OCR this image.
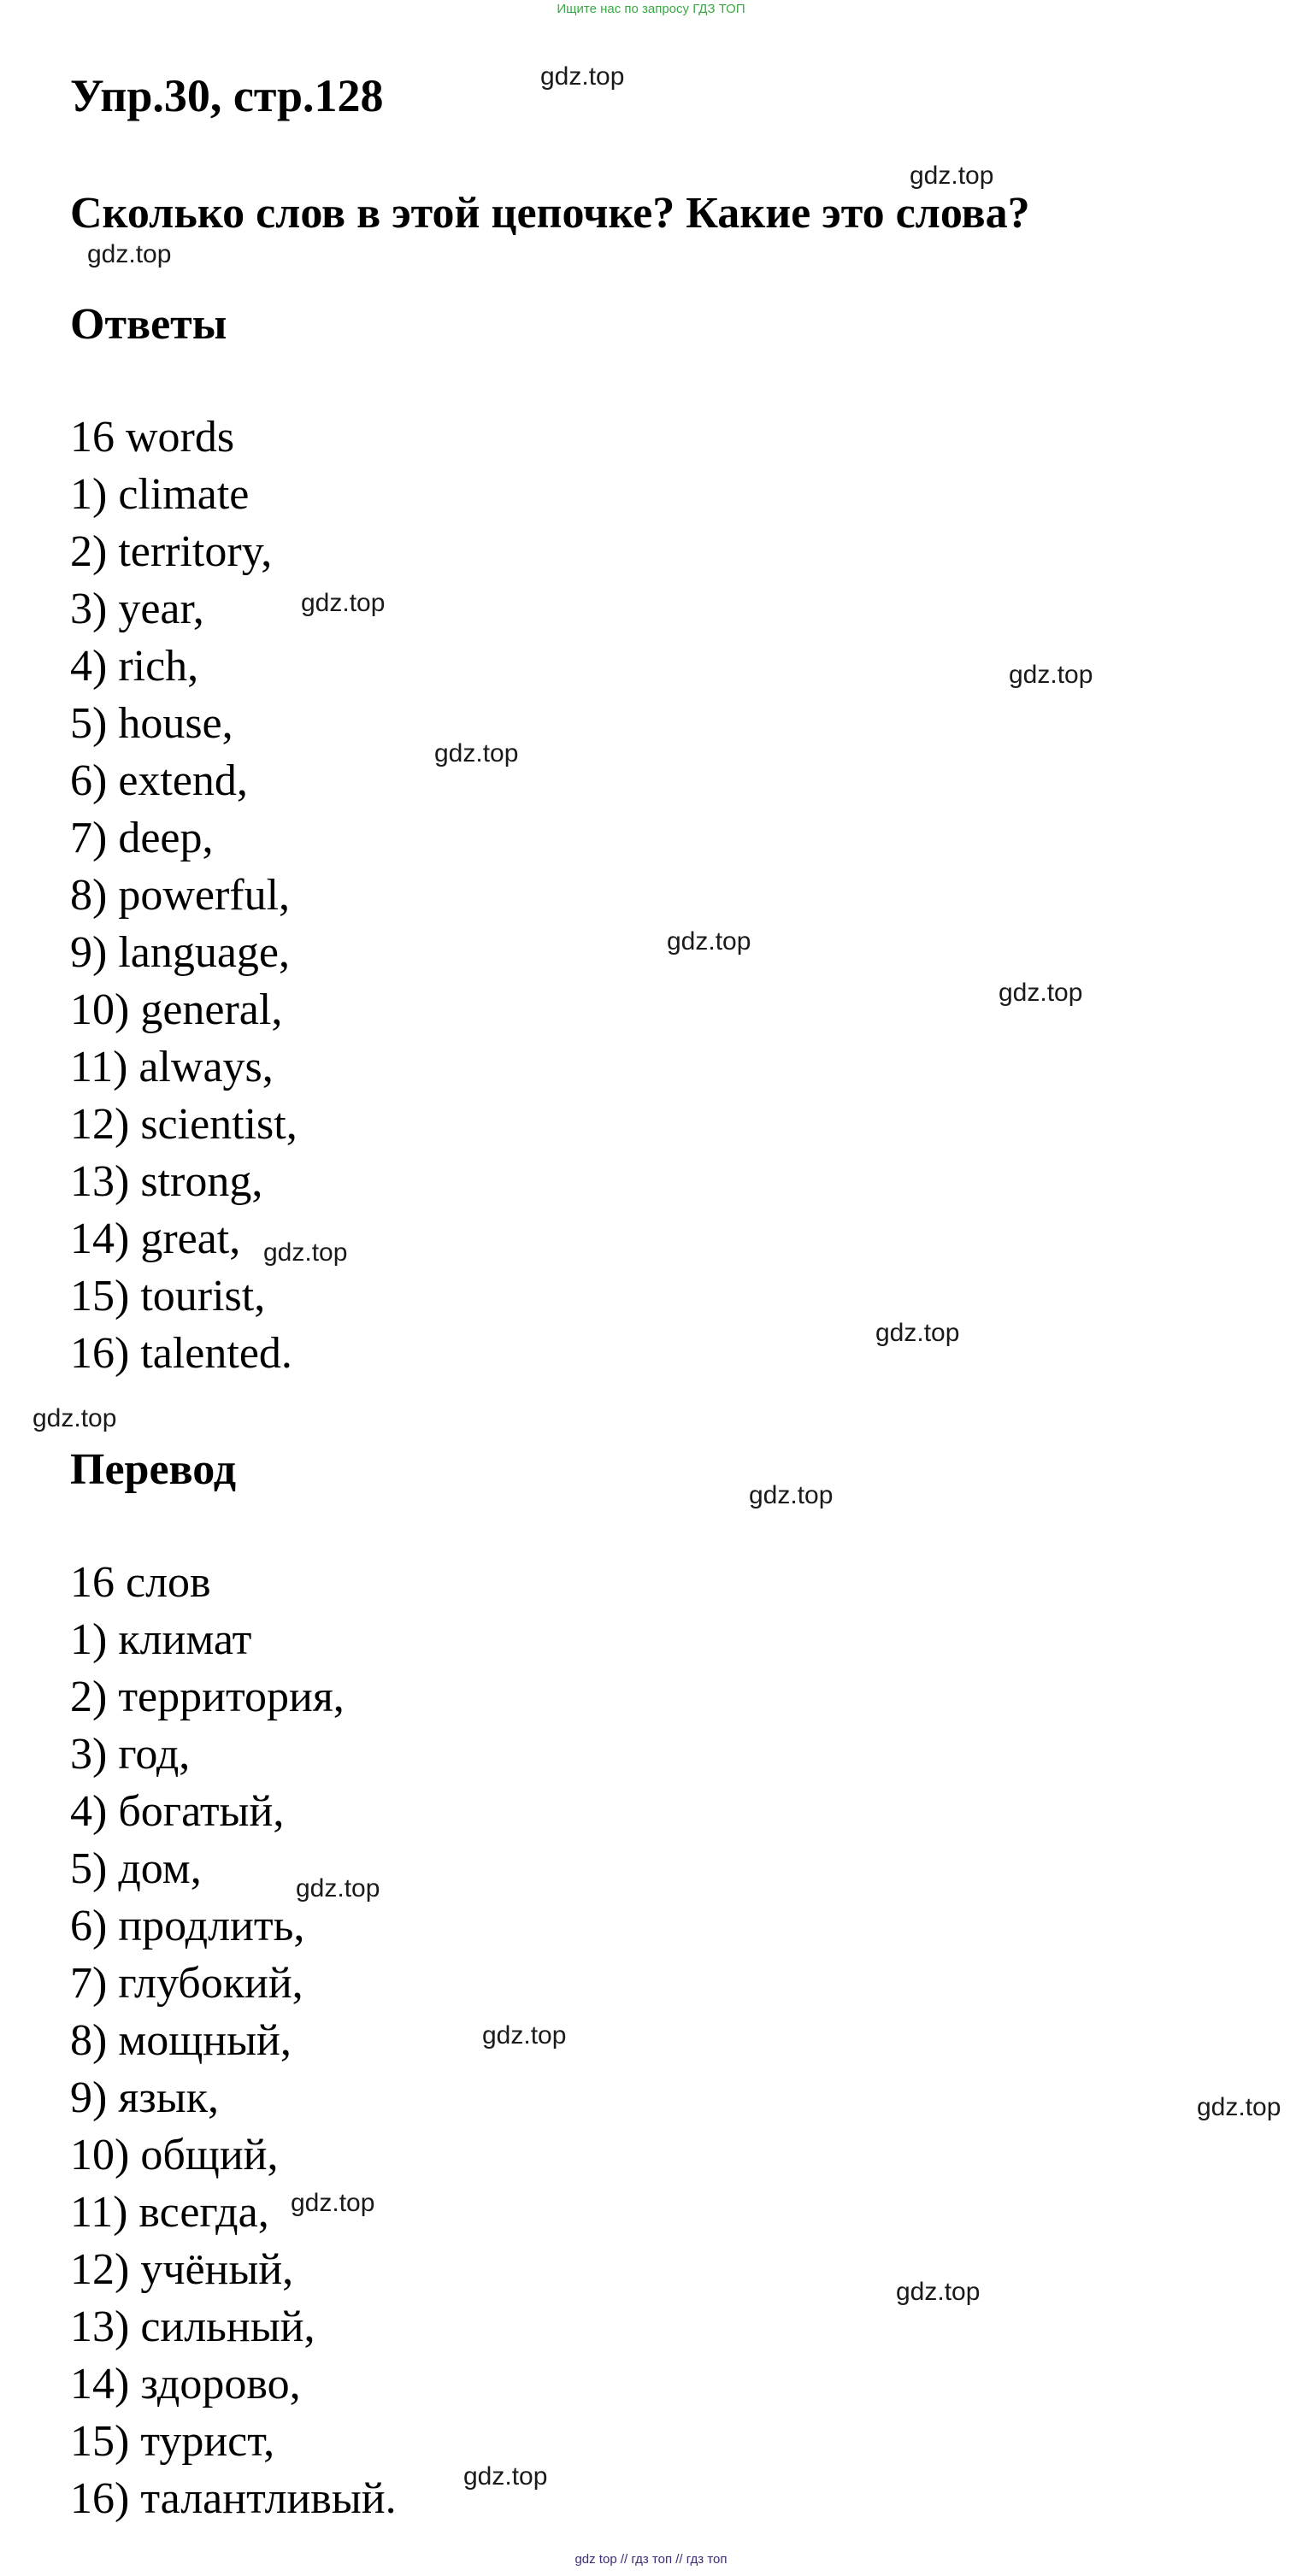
Ищите нас по запросу ГДЗ ТОП
Упр.30, стр.128
Сколько слов в этой цепочке? Какие это слова?
Ответы
16 words
1) climate
2) territory,
3) year,
4) rich,
5) house,
6) extend,
7) deep,
8) powerful,
9) language,
10) general,
11) always,
12) scientist,
13) strong,
14) great,
15) tourist,
16) talented.
Перевод
16 слов
1) климат
2) территория,
3) год,
4) богатый,
5) дом,
6) продлить,
7) глубокий,
8) мощный,
9) язык,
10) общий,
11) всегда,
12) учёный,
13) сильный,
14) здорово,
15) турист,
16) талантливый.
gdz.top
gdz.top
gdz.top
gdz.top
gdz.top
gdz.top
gdz.top
gdz.top
gdz.top
gdz.top
gdz.top
gdz.top
gdz.top
gdz.top
gdz.top
gdz.top
gdz.top
gdz.top
gdz top // гдз топ // гдз топ
